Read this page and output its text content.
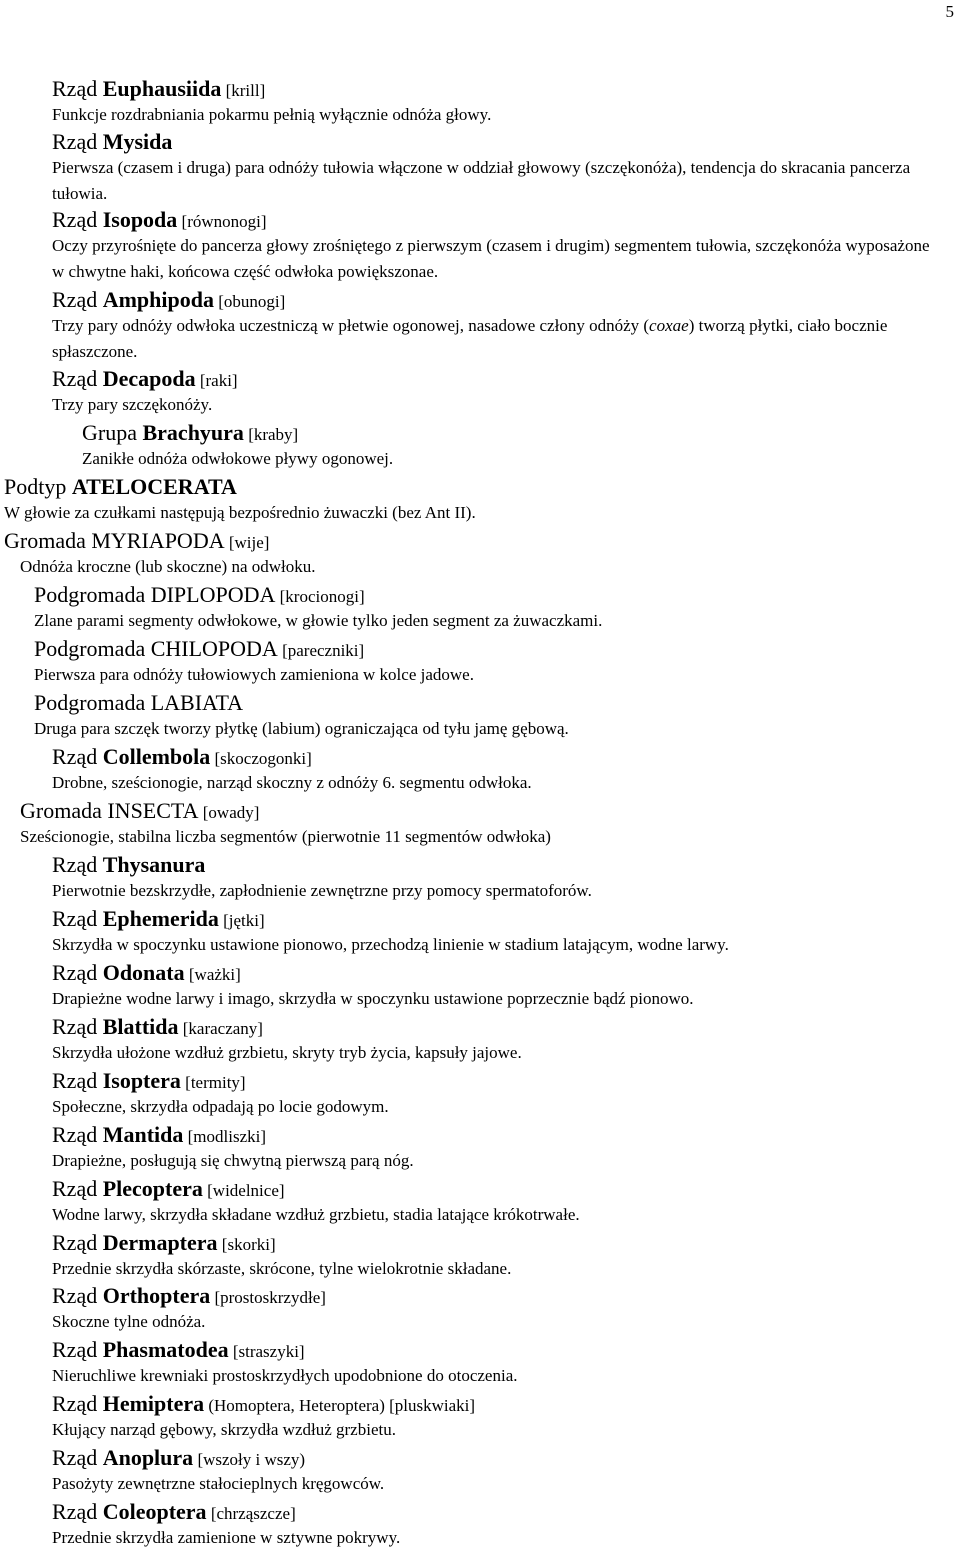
5
Rząd Euphausiida [krill]
Funkcje rozdrabniania pokarmu pełnią wyłącznie odnóża głowy.
Rząd Mysida
Pierwsza (czasem i druga) para odnóży tułowia włączone w oddział głowowy (szczękonóża), tendencja do skracania pancerza tułowia.
Rząd Isopoda [równonogi]
Oczy przyrośnięte do pancerza głowy zrośniętego z pierwszym (czasem i drugim) segmentem tułowia, szczękonóża wyposażone w chwytne haki, końcowa część odwłoka powiększonae.
Rząd Amphipoda [obunogi]
Trzy pary odnóży odwłoka uczestniczą w płetwie ogonowej, nasadowe człony odnóży (coxae) tworzą płytki, ciało bocznie spłaszczone.
Rząd Decapoda [raki]
Trzy pary szczękonóży.
Grupa Brachyura [kraby]
Zanikłe odnóża odwłokowe pływy ogonowej.
Podtyp ATELOCERATA
W głowie za czułkami następują bezpośrednio żuwaczki (bez Ant II).
Gromada MYRIAPODA [wije]
Odnóża kroczne (lub skoczne) na odwłoku.
Podgromada DIPLOPODA [krocionogi]
Zlane parami segmenty odwłokowe, w głowie tylko jeden segment za żuwaczkami.
Podgromada CHILOPODA [parecznikі]
Pierwsza para odnóży tułowiowych zamieniona w kolce jadowe.
Podgromada LABIATA
Druga para szczęk tworzy płytkę (labium) ograniczająca od tyłu jamę gębową.
Rząd Collembola [skoczogonki]
Drobne, sześcionogie, narząd skoczny z odnóży 6. segmentu odwłoka.
Gromada INSECTA [owady]
Sześcionogie, stabilna liczba segmentów (pierwotnie 11 segmentów odwłoka)
Rząd Thysanura
Pierwotnie bezskrzydłe, zapłodnienie zewnętrzne przy pomocy spermatoforów.
Rząd Ephemerida [jętki]
Skrzydła w spoczynku ustawione pionowo, przechodzą linienie w stadium latającym, wodne larwy.
Rząd Odonata [ważki]
Drapieżne wodne larwy i imago, skrzydła w spoczynku ustawione poprzecznie bądź pionowo.
Rząd Blattida [karaczany]
Skrzydła ułożone wzdłuż grzbietu, skryty tryb życia, kapsuły jajowe.
Rząd Isoptera [termity]
Społeczne, skrzydła odpadają po locie godowym.
Rząd Mantida [modliszki]
Drapieżne, posługują się chwytną pierwszą parą nóg.
Rząd Plecoptera [widelnice]
Wodne larwy, skrzydła składane wzdłuż grzbietu, stadia latające krókotrwałe.
Rząd Dermaptera [skorki]
Przednie skrzydła skórzaste, skrócone, tylne wielokrotnie składane.
Rząd Orthoptera [prostoskrzydłe]
Skoczne tylne odnóża.
Rząd Phasmatodea [straszyki]
Nieruchliwe krewniaki prostoskrzydłych upodobnione do otoczenia.
Rząd Hemiptera (Homoptera, Heteroptera) [pluskwiaki]
Kłujący narząd gębowy, skrzydła wzdłuż grzbietu.
Rząd Anoplura [wszoły i wszy)
Pasożyty zewnętrzne stałocieplnych kręgowców.
Rząd Coleoptera [chrząszcze]
Przednie skrzydła zamienione w sztywne pokrywy.
